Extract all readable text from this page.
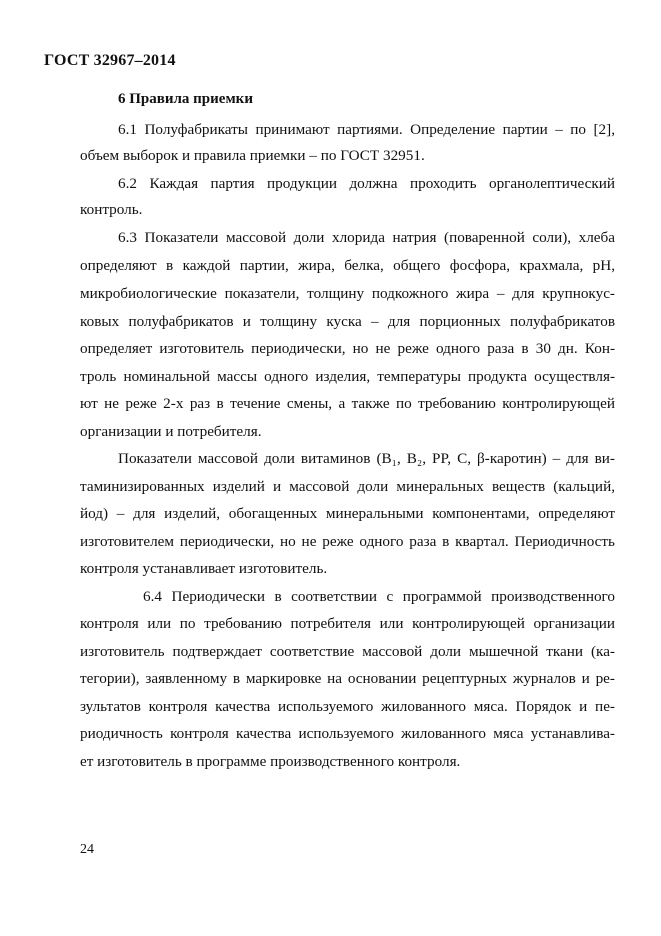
ГОСТ 32967–2014
6 Правила приемки
6.1 Полуфабрикаты принимают партиями. Определение партии – по [2],
объем выборок и правила приемки – по ГОСТ 32951.
6.2 Каждая партия продукции должна проходить органолептический
контроль.
6.3 Показатели массовой доли хлорида натрия (поваренной соли), хлеба
определяют в каждой партии, жира, белка, общего фосфора, крахмала, pH,
микробиологические показатели, толщину подкожного жира – для крупнокус-
ковых полуфабрикатов и толщину куска – для порционных полуфабрикатов
определяет изготовитель периодически, но не реже одного раза в 30 дн. Кон-
троль номинальной массы одного изделия, температуры продукта осуществля-
ют не реже 2-х раз в течение смены, а также по требованию контролирующей
организации и потребителя.
Показатели массовой доли витаминов (B₁, B₂, PP, С, β-каротин) – для ви-
таминизированных изделий и массовой доли минеральных веществ (кальций,
йод) – для изделий, обогащенных минеральными компонентами, определяют
изготовителем периодически, но не реже одного раза в квартал. Периодичность
контроля устанавливает изготовитель.
6.4 Периодически в соответствии с программой производственного
контроля или по требованию потребителя или контролирующей организации
изготовитель подтверждает соответствие массовой доли мышечной ткани (ка-
тегории), заявленному в маркировке на основании рецептурных журналов и ре-
зультатов контроля качества используемого жилованного мяса. Порядок и пе-
риодичность контроля качества используемого жилованного мяса устанавлива-
ет изготовитель в программе производственного контроля.
24
